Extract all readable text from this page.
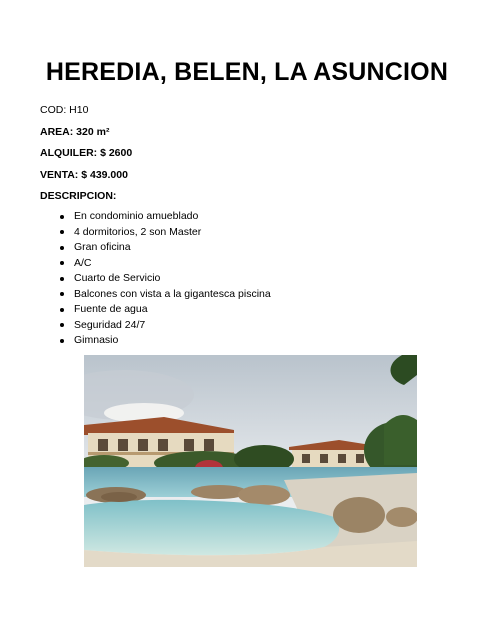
HEREDIA, BELEN, LA ASUNCION
COD: H10
AREA: 320 m²
ALQUILER: $ 2600
VENTA: $ 439.000
DESCRIPCION:
En condominio amueblado
4 dormitorios, 2 son Master
Gran oficina
A/C
Cuarto de Servicio
Balcones con vista a la gigantesca piscina
Fuente de agua
Seguridad 24/7
Gimnasio
